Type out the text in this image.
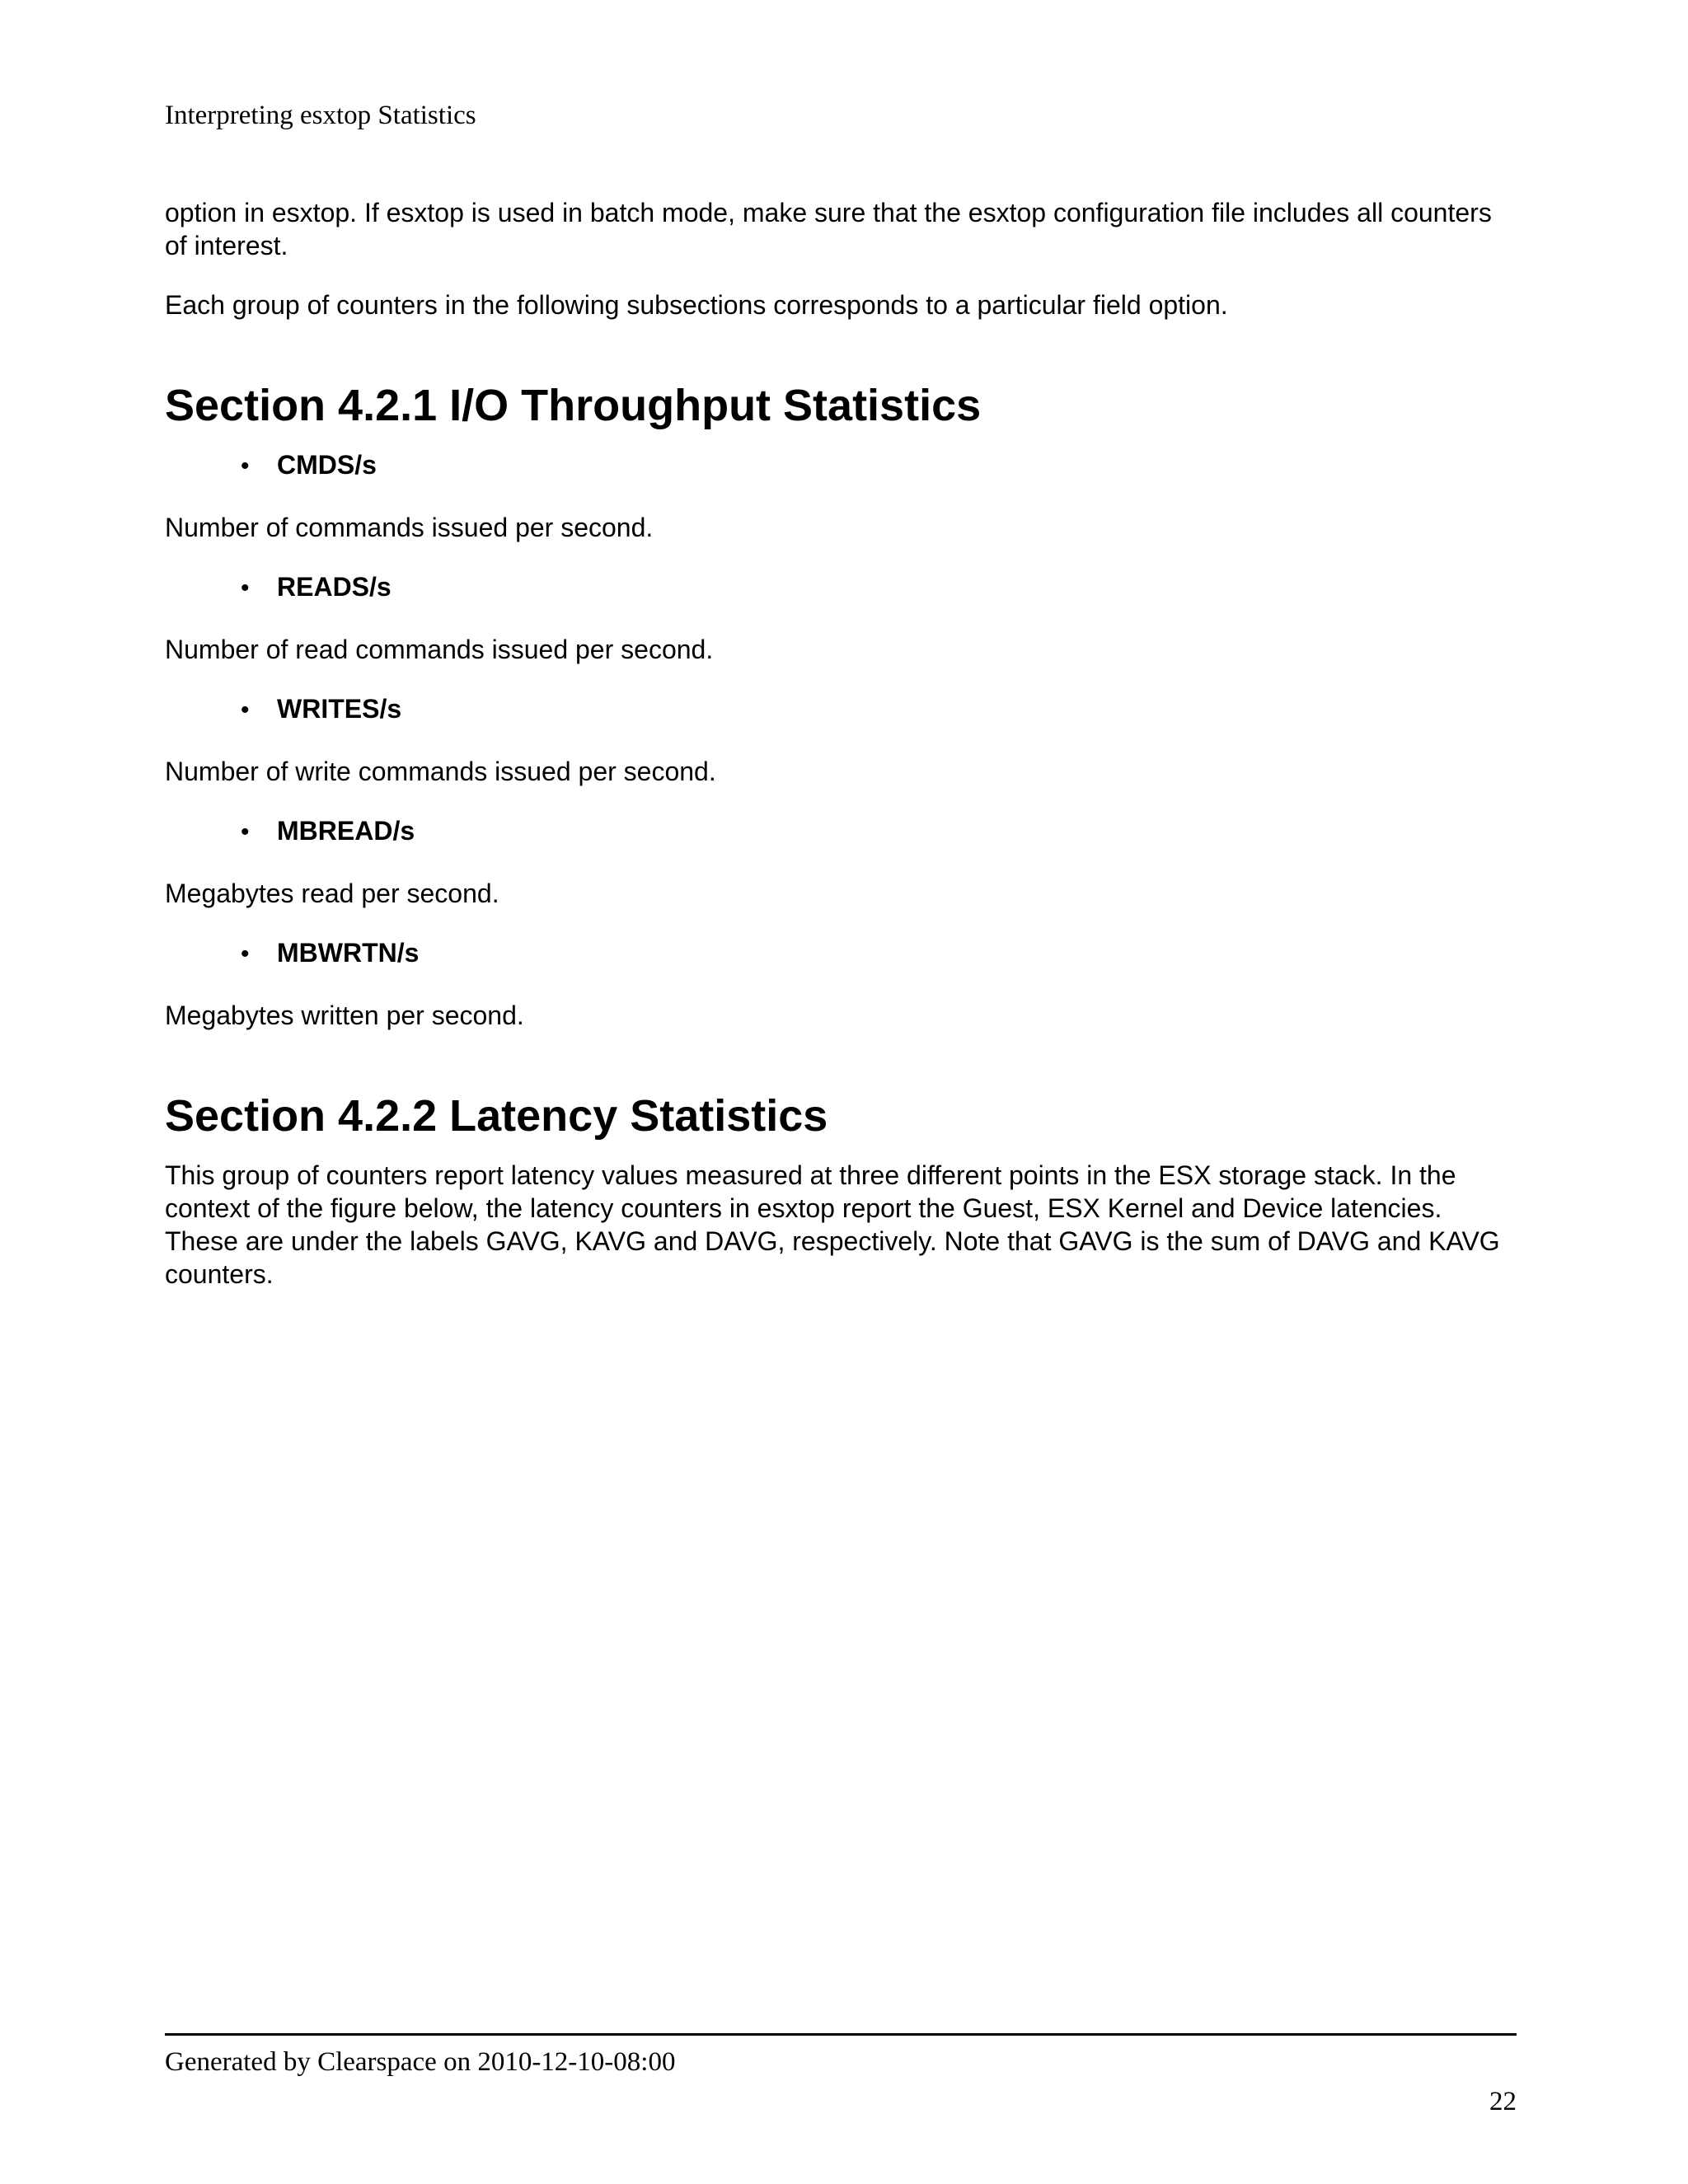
Interpreting esxtop Statistics

option in esxtop. If esxtop is used in batch mode, make sure that the esxtop configuration file includes all counters of interest.

Each group of counters in the following subsections corresponds to a particular field option.

Section 4.2.1 I/O Throughput Statistics
•	CMDS/s

Number of commands issued per second.

•	READS/s

Number of read commands issued per second.

•	WRITES/s

Number of write commands issued per second.

•	MBREAD/s

Megabytes read per second.

•	MBWRTN/s

Megabytes written per second.

Section 4.2.2 Latency Statistics

This group of counters report latency values measured at three different points in the ESX storage stack. In the context of the figure below, the latency counters in esxtop report the Guest, ESX Kernel and Device latencies. These are under the labels GAVG, KAVG and DAVG, respectively. Note that GAVG is the sum of DAVG and KAVG counters.

Generated by Clearspace on 2010-12-10-08:00
22
